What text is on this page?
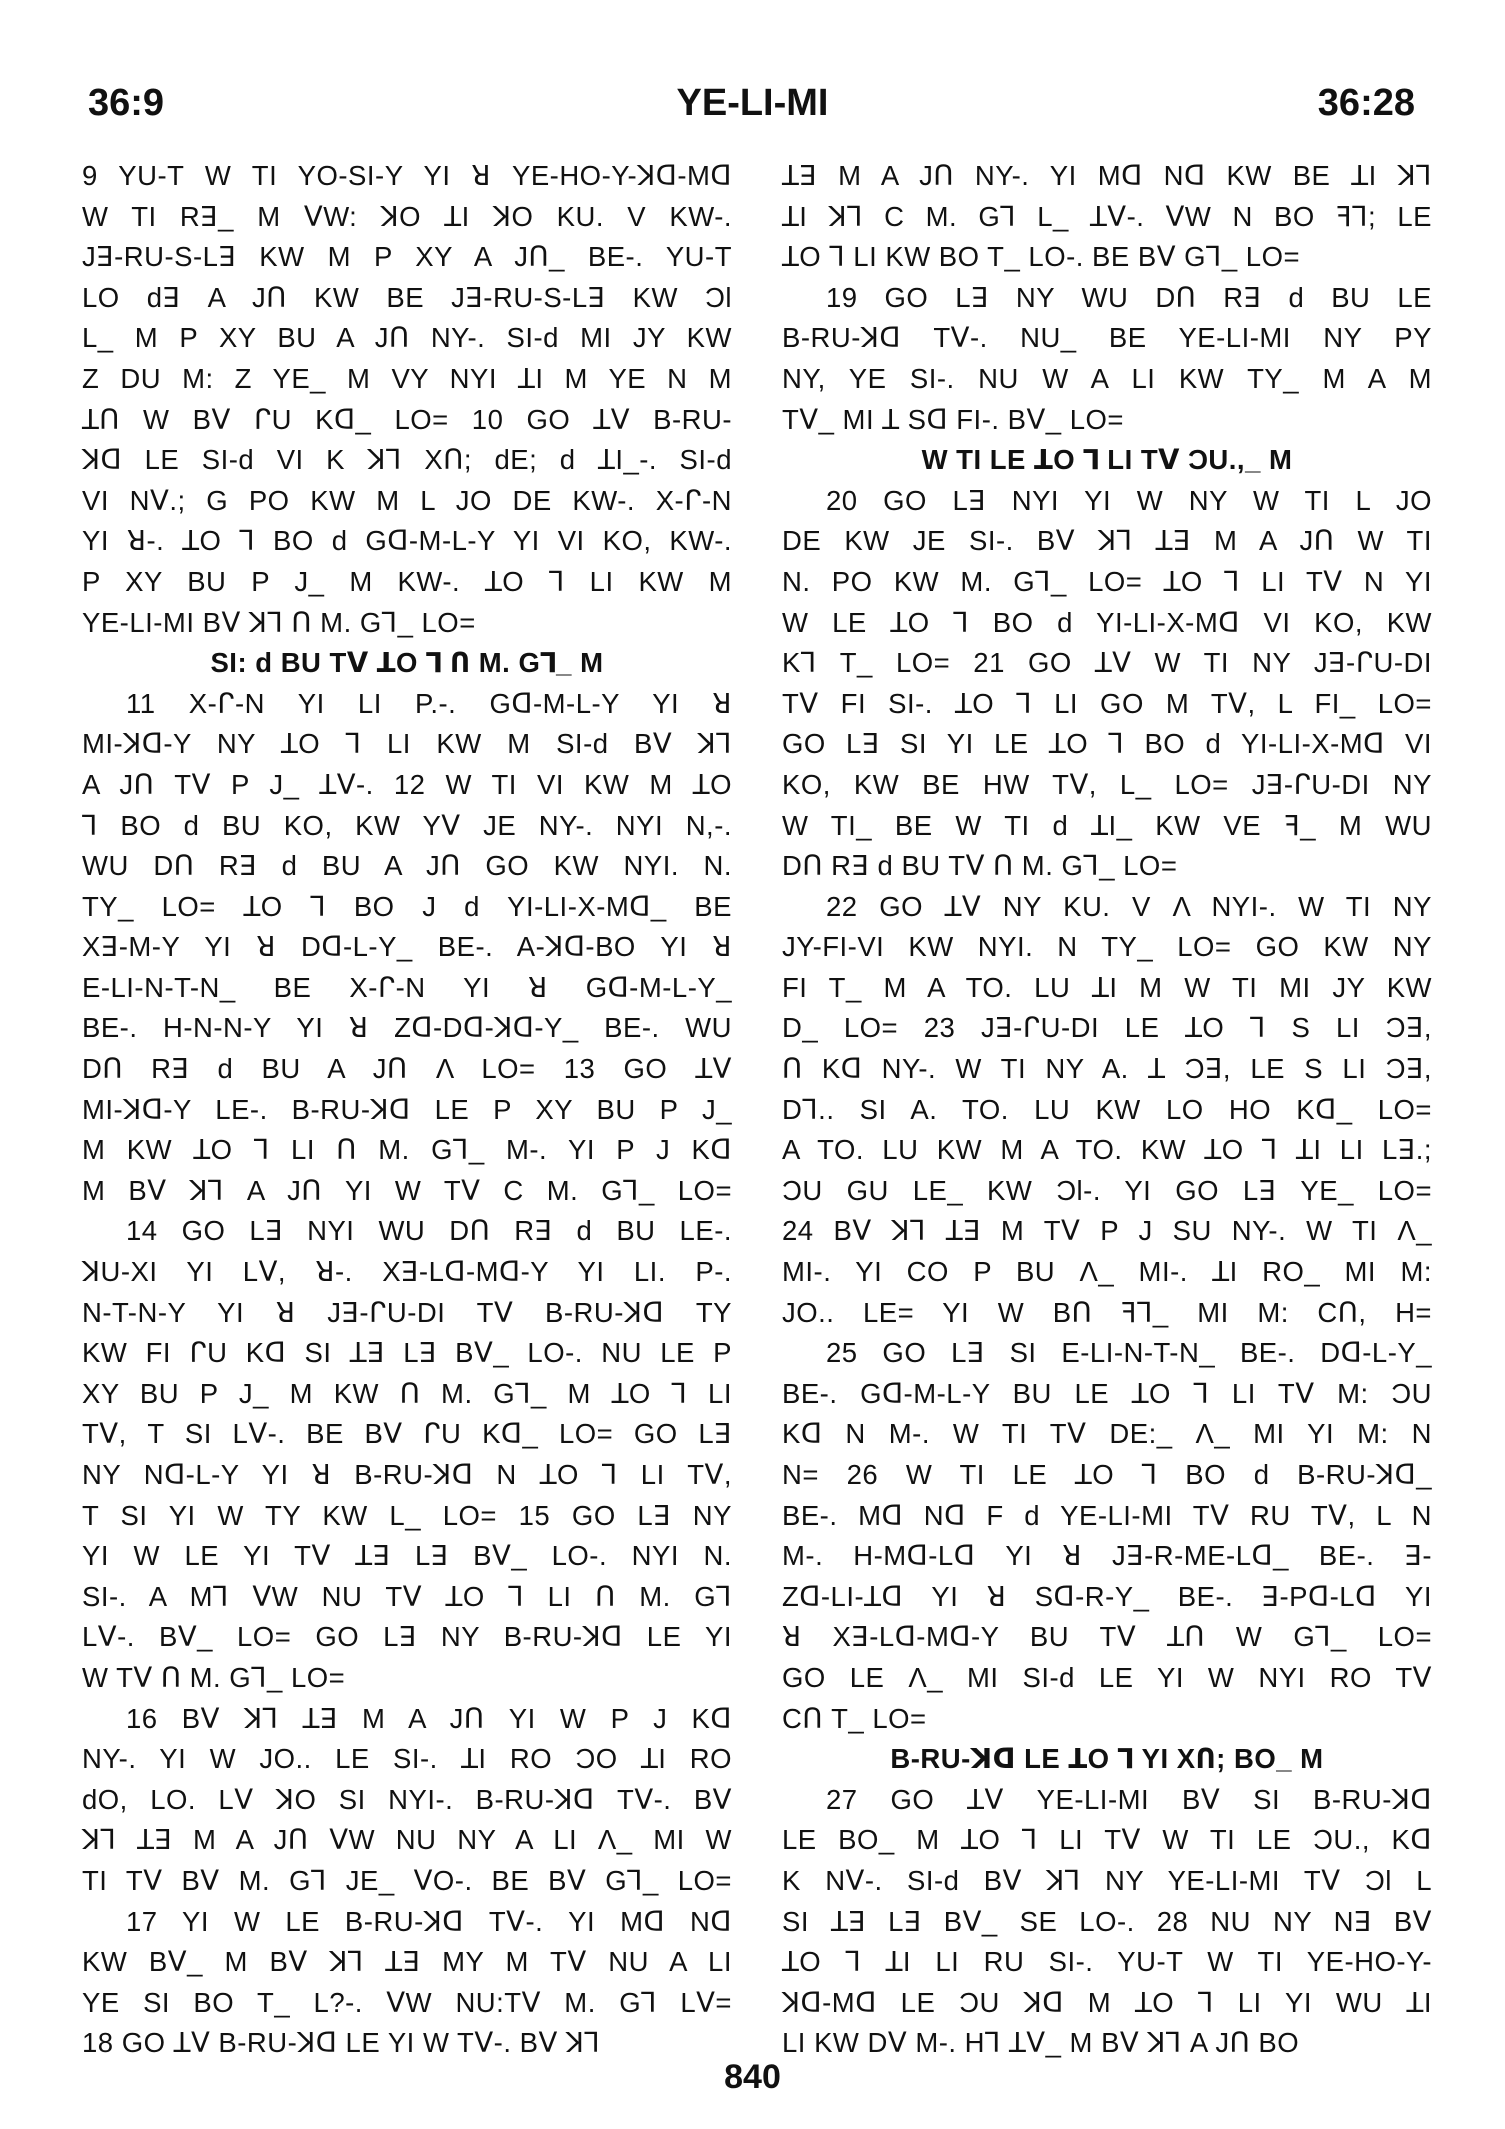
36:9	YE-LI-MI	36:28
9 YU-T W TI YO-SI-Y YI ꓤ YE-HO-Y-ꓘᗡ-Mᗡ
W TI Rꓱ_ M ᐯW: ꓘO ꓕI ꓘO KU. V KW-.
Jꓱ-RU-S-Lꓱ KW M P XY A JՈ_ BE-. YU-T
LO dꓱ A JՈ KW BE Jꓱ-RU-S-Lꓱ KW Ɔl
L_ M P XY BU A JՈ NY-. SI-d MI JY KW
Z DU M: Z YE_ M VY NYI ꓕI M YE N M
ꓕՈ W Bᐯ ᒋU Kᗡ_ LO= 10 GO ꓕᐯ B-RU-
ꓘᗡ LE SI-d VI K ꓘꓶ XՈ; dE; d ꓕI_-. SI-d
VI Nᐯ.; G PO KW M L JO DE KW-. X-ᒋ-N
YI ꓤ-. ꓕO ꓶ BO d Gᗡ-M-L-Y YI VI KO, KW-.
P XY BU P J_ M KW-. ꓕO ꓶ LI KW M
YE-LI-MI Bᐯ ꓘꓶ Ո M. Gꓶ_ LO=
SI: d BU Tᐯ ꓕO ꓶ Ո M. Gꓶ_ M
11 X-ᒋ-N YI LI P.-. Gᗡ-M-L-Y YI ꓤ
MI-ꓘᗡ-Y NY ꓕO ꓶ LI KW M SI-d Bᐯ ꓘꓶ
A JՈ Tᐯ P J_ ꓕᐯ-. 12 W TI VI KW M ꓕO
ꓶ BO d BU KO, KW Yᐯ JE NY-. NYI N,-.
WU DՈ Rꓱ d BU A JՈ GO KW NYI. N.
TY_ LO= ꓕO ꓶ BO J d YI-LI-X-Mᗡ_ BE
Xꓱ-M-Y YI ꓤ Dᗡ-L-Y_ BE-. A-ꓘᗡ-BO YI ꓤ
E-LI-N-T-N_ BE X-ᒋ-N YI ꓤ Gᗡ-M-L-Y_
BE-. H-N-N-Y YI ꓤ Zᗡ-Dᗡ-ꓘᗡ-Y_ BE-. WU
DՈ Rꓱ d BU A JՈ Λ LO= 13 GO ꓕᐯ
MI-ꓘᗡ-Y LE-. B-RU-ꓘᗡ LE P XY BU P J_
M KW ꓕO ꓶ LI Ո M. Gꓶ_ M-. YI P J Kᗡ
M Bᐯ ꓘꓶ A JՈ YI W Tᐯ C M. Gꓶ_ LO=
14 GO Lꓱ NYI WU DՈ Rꓱ d BU LE-.
ꓘU-XI YI Lᐯ, ꓤ-. Xꓱ-Lᗡ-Mᗡ-Y YI LI. P-.
N-T-N-Y YI ꓤ Jꓱ-ᒋU-DI Tᐯ B-RU-ꓘᗡ TY
KW FI ᒋU Kᗡ SI ꓕꓱ Lꓱ Bᐯ_ LO-. NU LE P
XY BU P J_ M KW Ո M. Gꓶ_ M ꓕO ꓶ LI
Tᐯ, T SI Lᐯ-. BE Bᐯ ᒋU Kᗡ_ LO= GO Lꓱ
NY Nᗡ-L-Y YI ꓤ B-RU-ꓘᗡ N ꓕO ꓶ LI Tᐯ,
T SI YI W TY KW L_ LO= 15 GO Lꓱ NY
YI W LE YI Tᐯ ꓕꓱ Lꓱ Bᐯ_ LO-. NYI N.
SI-. A Mꓶ ᐯW NU Tᐯ ꓕO ꓶ LI Ո M. Gꓶ
Lᐯ-. Bᐯ_ LO= GO Lꓱ NY B-RU-ꓘᗡ LE YI
W Tᐯ Ո M. Gꓶ_ LO=
16 Bᐯ ꓘꓶ ꓕꓱ M A JՈ YI W P J Kᗡ
NY-. YI W JO.. LE SI-. ꓕI RO ƆO ꓕI RO
dO, LO. Lᐯ ꓘO SI NYI-. B-RU-ꓘᗡ Tᐯ-. Bᐯ
ꓘꓶ ꓕꓱ M A JՈ ᐯW NU NY A LI Λ_ MI W
TI Tᐯ Bᐯ M. Gꓶ JE_ ᐯO-. BE Bᐯ Gꓶ_ LO=
17 YI W LE B-RU-ꓘᗡ Tᐯ-. YI Mᗡ Nᗡ
KW Bᐯ_ M Bᐯ ꓘꓶ ꓕꓱ MY M Tᐯ NU A LI
YE SI BO T_ L?-. ᐯW NU:Tᐯ M. Gꓶ Lᐯ=
18 GO ꓕᐯ B-RU-ꓘᗡ LE YI W Tᐯ-. Bᐯ ꓘꓶ
ꓕꓱ M A JՈ NY-. YI Mᗡ Nᗡ KW BE ꓕI ꓘꓶ
ꓕI ꓘꓶ C M. Gꓶ L_ ꓕᐯ-. ᐯW N BO ꟻꓶ; LE
ꓕO ꓶ LI KW BO T_ LO-. BE Bᐯ Gꓶ_ LO=
19 GO Lꓱ NY WU DՈ Rꓱ d BU LE
B-RU-ꓘᗡ Tᐯ-. NU_ BE YE-LI-MI NY PY
NY, YE SI-. NU W A LI KW TY_ M A M
Tᐯ_ MI ꓕ Sᗡ FI-. Bᐯ_ LO=
W TI LE ꓕO ꓶ LI Tᐯ ƆU.,_ M
20 GO Lꓱ NYI YI W NY W TI L JO
DE KW JE SI-. Bᐯ ꓘꓶ ꓕꓱ M A JՈ W TI
N. PO KW M. Gꓶ_ LO= ꓕO ꓶ LI Tᐯ N YI
W LE ꓕO ꓶ BO d YI-LI-X-Mᗡ VI KO, KW
Kꓶ T_ LO= 21 GO ꓕᐯ W TI NY Jꓱ-ᒋU-DI
Tᐯ FI SI-. ꓕO ꓶ LI GO M Tᐯ, L FI_ LO=
GO Lꓱ SI YI LE ꓕO ꓶ BO d YI-LI-X-Mᗡ VI
KO, KW BE HW Tᐯ, L_ LO= Jꓱ-ᒋU-DI NY
W TI_ BE W TI d ꓕI_ KW VE ꟻ_ M WU
DՈ Rꓱ d BU Tᐯ Ո M. Gꓶ_ LO=
22 GO ꓕᐯ NY KU. V Λ NYI-. W TI NY
JY-FI-VI KW NYI. N TY_ LO= GO KW NY
FI T_ M A TO. LU ꓕI M W TI MI JY KW
D_ LO= 23 Jꓱ-ᒋU-DI LE ꓕO ꓶ S LI Ɔꓱ,
Ո Kᗡ NY-. W TI NY A. ꓕ Ɔꓱ, LE S LI Ɔꓱ,
Dꓶ.. SI A. TO. LU KW LO HO Kᗡ_ LO=
A TO. LU KW M A TO. KW ꓕO ꓶ ꓕI LI Lꓱ.;
ƆU GU LE_ KW Ɔl-. YI GO Lꓱ YE_ LO=
24 Bᐯ ꓘꓶ ꓕꓱ M Tᐯ P J SU NY-. W TI Λ_
MI-. YI CO P BU Λ_ MI-. ꓕI RO_ MI M:
JO.. LE= YI W BՈ ꟻꓶ_ MI M: CՈ, H=
25 GO Lꓱ SI E-LI-N-T-N_ BE-. Dᗡ-L-Y_
BE-. Gᗡ-M-L-Y BU LE ꓕO ꓶ LI Tᐯ M: ƆU
Kᗡ N M-. W TI Tᐯ DE:_ Λ_ MI YI M: N
N= 26 W TI LE ꓕO ꓶ BO d B-RU-ꓘᗡ_
BE-. Mᗡ Nᗡ F d YE-LI-MI Tᐯ RU Tᐯ, L N
M-. H-Mᗡ-Lᗡ YI ꓤ Jꓱ-R-ME-Lᗡ_ BE-. ꓱ-
Zᗡ-LI-ꓕᗡ YI ꓤ Sᗡ-R-Y_ BE-. ꓱ-Pᗡ-Lᗡ YI
ꓤ Xꓱ-Lᗡ-Mᗡ-Y BU Tᐯ ꓕՈ W Gꓶ_ LO=
GO LE Λ_ MI SI-d LE YI W NYI RO Tᐯ
CՈ T_ LO=
B-RU-ꓘᗡ LE ꓕO ꓶ YI XՈ; BO_ M
27 GO ꓕᐯ YE-LI-MI Bᐯ SI B-RU-ꓘᗡ
LE BO_ M ꓕO ꓶ LI Tᐯ W TI LE ƆU., Kᗡ
K Nᐯ-. SI-d Bᐯ ꓘꓶ NY YE-LI-MI Tᐯ Ɔl L
SI ꓕꓱ Lꓱ Bᐯ_ SE LO-. 28 NU NY Nꓱ Bᐯ
ꓕO ꓶ ꓕI LI RU SI-. YU-T W TI YE-HO-Y-
ꓘᗡ-Mᗡ LE ƆU ꓘᗡ M ꓕO ꓶ LI YI WU ꓕI
LI KW Dᐯ M-. Hꓶ ꓕᐯ_ M Bᐯ ꓘꓶ A JՈ BO
840
